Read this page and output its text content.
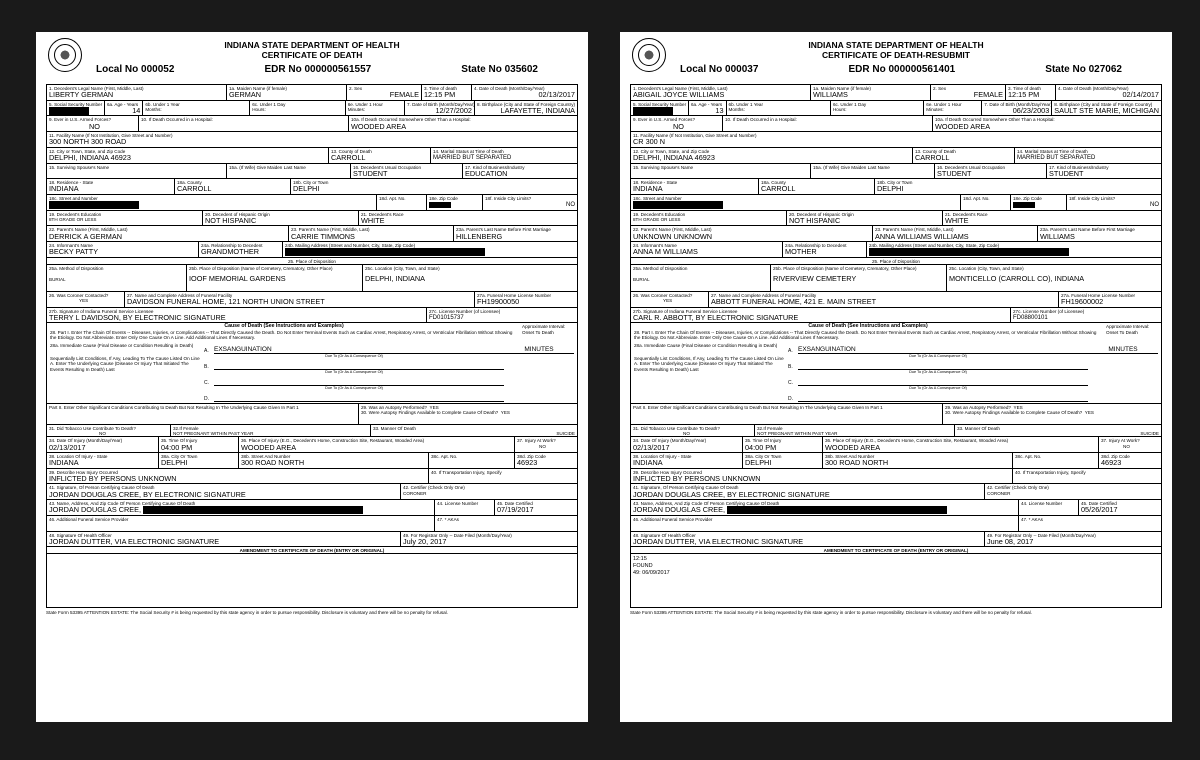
INDIANA STATE DEPARTMENT OF HEALTH
CERTIFICATE OF DEATH
Local No 000052	EDR No 000000561557	State No 035602
1. Decedent's Legal Name (First, Middle, Last)
LIBERTY GERMAN
1a. Maiden Name (if female)
GERMAN
2. Sex
FEMALE
3. Time of death
12:15 PM
4. Date of Death (Month/Day/Year)
02/13/2017
5. Social Security Number 6a. Age - Years
14
6b. Under 1 Year
Months:
6c. Under 1 Day
Hours:
6e. Under 1 Hour
Minutes:
7. Date of Birth (Month/Day/Year)
12/27/2002
8. Birthplace (City and State of Foreign Country)
LAFAYETTE, INDIANA
9. Ever in U.S. Armed Forces?
NO
10. If Death Occurred in a Hospital:	10a. If Death Occurred Somewhere Other Than a Hospital:
WOODED AREA
11. Facility Name (If Not Institution, Give Street and Number)
300 NORTH 300 ROAD
12. City or Town, State, and Zip Code
DELPHI, INDIANA 46923
13. County of Death
CARROLL
14. Marital Status at Time of Death
MARRIED BUT SEPARATED
15. Surviving Spouse's Name
	15a. (If Wife) Give Maiden Last Name	16. Decedent's Usual Occupation
STUDENT
17. Kind of Business/Industry
EDUCATION
18. Residence - State
INDIANA
18a. County
CARROLL
18b. City or Town
DELPHI
18c. Street and Number	18d. Apt. No.	18e. Zip Code	18f. Inside City Limits?
NO
19. Decedent's Education
8TH GRADE OR LESS
20. Decedent of Hispanic Origin
NOT HISPANIC
21. Decedent's Race
WHITE
22. Parent's Name (First, Middle, Last)
DERRICK A GERMAN
23. Parent's Name (First, Middle, Last)
CARRIE TIMMONS
23a. Parent's Last Name Before First Marriage
HILLENBERG
24. Informant's Name
BECKY PATTY
24a. Relationship to Decedent
GRANDMOTHER
24b. Mailing Address (Street and Number, City, State, Zip Code)
25. Place of Disposition
25a. Method of Disposition
BURIAL
25b. Place of Disposition (Name of Cemetery, Crematory, Other Place)
IOOF MEMORIAL GARDENS
25c. Location (City, Town, and State)
DELPHI, INDIANA
26. Was Coroner Contacted?
YES
27. Name and Complete Address of Funeral Facility
DAVIDSON FUNERAL HOME, 121 NORTH UNION STREET
27a. Funeral Home License Number
FH19900050
27b. Signature of Indiana Funeral Service Licensee
TERRY L DAVIDSON, BY ELECTRONIC SIGNATURE
27c. License Number (of Licensee)
FD01015737
Cause of Death (See Instructions and Examples)
28. Part I. Enter The Chain Of Events -- Diseases, Injuries, or Complications -- That Directly Caused the Death. Do Not Enter Terminal Events Such as Cardiac Arrest, Respiratory Arrest, or Ventricular Fibrillation Without Showing the Etiology. Do Not Abbreviate. Enter Only One Cause On A Line. Add Additional Lines If Necessary.
Approximate Interval: Onset To Death
28a. Immediate Cause (Final Disease or Condition Resulting in Death)
Sequentially List Conditions, If Any, Leading To The Cause Listed On Line A. Enter The Underlying Cause (Disease Or Injury That Initiated The Events Resulting In Death) Last
A. EXSANGUINATION
Due To (Or As A Consequence Of)
B.
Due To (Or As A Consequence Of)
C.
Due To (Or As A Consequence Of)
D.
MINUTES
Part II. Enter Other Significant Conditions Contributing to Death But Not Resulting In The Underlying Cause Given In Part 1	29. Was an Autopsy Performed? YES
30. Were Autopsy Findings Available to Complete Cause Of Death? YES
31. Did Tobacco Use Contribute To Death?
NO
32.If Female
NOT PREGNANT WITHIN PAST YEAR
33. Manner Of Death
SUICIDE
34. Date Of Injury (Month/Day/Year)
02/13/2017
35. Time Of Injury
04:00 PM
36. Place Of Injury (E.G., Decedent's Home, Construction Site, Restaurant, Wooded Area)
WOODED AREA
37. Injury At Work?
NO
38. Location Of Injury - State
INDIANA
38a. City Or Town
DELPHI
38b. Street And Number
300 ROAD NORTH
38c. Apt. No.	38d. Zip Code
46923
39. Describe How Injury Occurred
INFLICTED BY PERSONS UNKNOWN
40. If Transportation Injury, Specify
41. Signature, Of Person Certifying Cause Of Death
JORDAN DOUGLAS CREE, BY ELECTRONIC SIGNATURE
42. Certifier (Check Only One)
CORONER
43. Name, Address, And Zip Code Of Person Certifying Cause Of Death
JORDAN DOUGLAS CREE,
44. License Number	45. Date Certified
07/19/2017
46. Additional Funeral Service Provider
	47. * AKAs
48. Signature Of Health Officer
JORDAN DUTTER, VIA ELECTRONIC SIGNATURE
49. For Registrar Only -- Date Filed (Month/Day/Year)
July 20, 2017
AMENDMENT TO CERTIFICATE OF DEATH (ENTRY OR ORIGINAL)
State Form 53395 ATTENTION ESTATE: The Social Security # is being requested by this state agency in order to pursue responsibility. Disclosure is voluntary and there will be no penalty for refusal.
INDIANA STATE DEPARTMENT OF HEALTH
CERTIFICATE OF DEATH-RESUBMIT
Local No 000037	EDR No 000000561401	State No 027062
1. Decedent's Legal Name (First, Middle, Last)
ABIGAIL JOYCE WILLIAMS
1a. Maiden Name (if female)
WILLIAMS
2. Sex
FEMALE
3. Time of death
12:15 PM
4. Date of Death (Month/Day/Year)
02/14/2017
5. Social Security Number 6a. Age - Years
13
6b. Under 1 Year
Months:
6c. Under 1 Day
Hours:
6e. Under 1 Hour
Minutes:
7. Date of Birth (Month/Day/Year)
06/23/2003
8. Birthplace (City and State of Foreign Country)
SAULT STE MARIE, MICHIGAN
9. Ever in U.S. Armed Forces?
NO
10. If Death Occurred in a Hospital:	10a. If Death Occurred Somewhere Other Than a Hospital:
WOODED AREA
11. Facility Name (If Not Institution, Give Street and Number)
CR 300 N
12. City or Town, State, and Zip Code
DELPHI, INDIANA 46923
13. County of Death
CARROLL
14. Marital Status at Time of Death
MARRIED BUT SEPARATED
15. Surviving Spouse's Name
	15a. (If Wife) Give Maiden Last Name	16. Decedent's Usual Occupation
STUDENT
17. Kind of Business/Industry
STUDENT
18. Residence - State
INDIANA
18a. County
CARROLL
18b. City or Town
DELPHI
18c. Street and Number	18d. Apt. No.	18e. Zip Code	18f. Inside City Limits?
NO
19. Decedent's Education
8TH GRADE OR LESS
20. Decedent of Hispanic Origin
NOT HISPANIC
21. Decedent's Race
WHITE
22. Parent's Name (First, Middle, Last)
UNKNOWN UNKNOWN
23. Parent's Name (First, Middle, Last)
ANNA WILLIAMS WILLIAMS
23a. Parent's Last Name Before First Marriage
WILLIAMS
24. Informant's Name
ANNA M WILLIAMS
24a. Relationship to Decedent
MOTHER
24b. Mailing Address (Street and Number, City, State, Zip Code)
25. Place of Disposition
25a. Method of Disposition
BURIAL
25b. Place of Disposition (Name of Cemetery, Crematory, Other Place)
RIVERVIEW CEMETERY
25c. Location (City, Town, and State)
MONTICELLO (CARROLL CO), INDIANA
26. Was Coroner Contacted?
YES
27. Name and Complete Address of Funeral Facility
ABBOTT FUNERAL HOME, 421 E. MAIN STREET
27a. Funeral Home License Number
FH19600002
27b. Signature of Indiana Funeral Service Licensee
CARL R. ABBOTT, BY ELECTRONIC SIGNATURE
27c. License Number (of Licensee)
FD08800101
Cause of Death (See Instructions and Examples)
28. Part I. Enter The Chain Of Events -- Diseases, Injuries, or Complications -- That Directly Caused the Death. Do Not Enter Terminal Events Such as Cardiac Arrest, Respiratory Arrest, or Ventricular Fibrillation Without Showing the Etiology. Do Not Abbreviate. Enter Only One Cause On A Line. Add Additional Lines If Necessary.
Approximate Interval: Onset To Death
28a. Immediate Cause (Final Disease or Condition Resulting in Death)
Sequentially List Conditions, If Any, Leading To The Cause Listed On Line A. Enter The Underlying Cause (Disease Or Injury That Initiated The Events Resulting In Death) Last
A. EXSANGUINATION
Due To (Or As A Consequence Of)
B.
Due To (Or As A Consequence Of)
C.
Due To (Or As A Consequence Of)
D.
MINUTES
Part II. Enter Other Significant Conditions Contributing to Death But Not Resulting In The Underlying Cause Given In Part 1	29. Was an Autopsy Performed? YES
30. Were Autopsy Findings Available to Complete Cause Of Death? YES
31. Did Tobacco Use Contribute To Death?
NO
32.If Female
NOT PREGNANT WITHIN PAST YEAR
33. Manner Of Death
SUICIDE
34. Date Of Injury (Month/Day/Year)
02/13/2017
35. Time Of Injury
04:00 PM
36. Place Of Injury (E.G., Decedent's Home, Construction Site, Restaurant, Wooded Area)
WOODED AREA
37. Injury At Work?
NO
38. Location Of Injury - State
INDIANA
38a. City Or Town
DELPHI
38b. Street And Number
300 ROAD NORTH
38c. Apt. No.	38d. Zip Code
46923
39. Describe How Injury Occurred
INFLICTED BY PERSONS UNKNOWN
40. If Transportation Injury, Specify
41. Signature, Of Person Certifying Cause Of Death
JORDAN DOUGLAS CREE, BY ELECTRONIC SIGNATURE
42. Certifier (Check Only One)
CORONER
43. Name, Address, And Zip Code Of Person Certifying Cause Of Death
JORDAN DOUGLAS CREE,
44. License Number	45. Date Certified
05/26/2017
46. Additional Funeral Service Provider
	47. * AKAs
48. Signature Of Health Officer
JORDAN DUTTER, VIA ELECTRONIC SIGNATURE
49. For Registrar Only -- Date Filed (Month/Day/Year)
June 08, 2017
AMENDMENT TO CERTIFICATE OF DEATH (ENTRY OR ORIGINAL)
12:15
FOUND
49: 06/09/2017
State Form 53395 ATTENTION ESTATE: The Social Security # is being requested by this state agency in order to pursue responsibility. Disclosure is voluntary and there will be no penalty for refusal.
